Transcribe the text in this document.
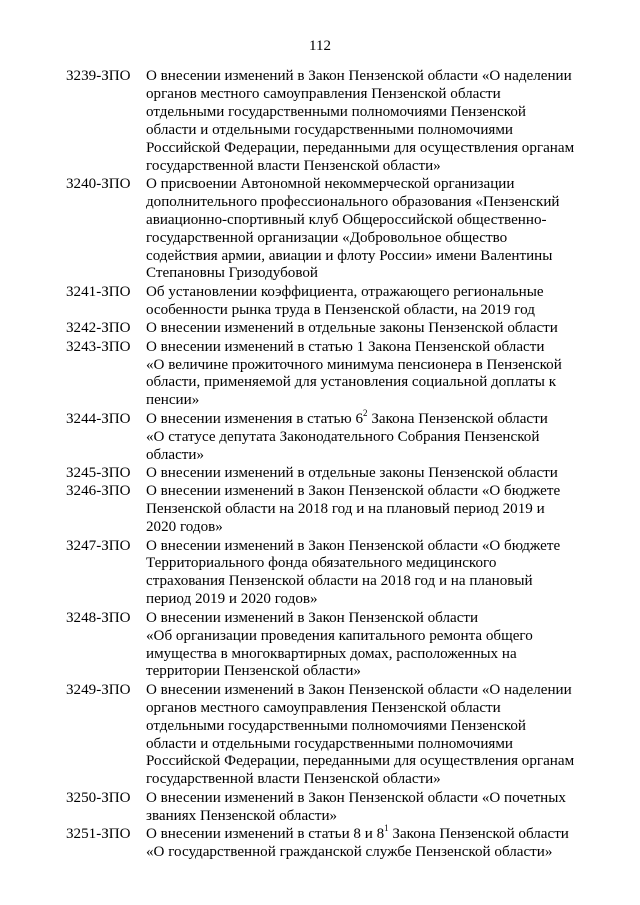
112
3239-ЗПО	О внесении изменений в Закон Пензенской области «О наделении
органов местного самоуправления Пензенской области
отдельными государственными полномочиями Пензенской
области и отдельными государственными полномочиями
Российской Федерации, переданными для осуществления органам
государственной власти Пензенской области»
3240-ЗПО	О присвоении Автономной некоммерческой организации
дополнительного профессионального образования «Пензенский
авиационно-спортивный клуб Общероссийской общественно-
государственной организации «Добровольное общество
содействия армии, авиации и флоту России» имени Валентины
Степановны Гризодубовой
3241-ЗПО	Об установлении коэффициента, отражающего региональные
особенности рынка труда в Пензенской области, на 2019 год
3242-ЗПО	О внесении изменений в отдельные законы Пензенской области
3243-ЗПО	О внесении изменений в статью 1 Закона Пензенской области
«О величине прожиточного минимума пенсионера в Пензенской
области, применяемой для установления социальной доплаты к
пенсии»
3244-ЗПО	О внесении изменения в статью $6^2$ Закона Пензенской области
«О статусе депутата Законодательного Собрания Пензенской
области»
3245-ЗПО	О внесении изменений в отдельные законы Пензенской области
3246-ЗПО	О внесении изменений в Закон Пензенской области «О бюджете
Пензенской области на 2018 год и на плановый период 2019 и
2020 годов»
3247-ЗПО	О внесении изменений в Закон Пензенской области «О бюджете
Территориального фонда обязательного медицинского
страхования Пензенской области на 2018 год и на плановый
период 2019 и 2020 годов»
3248-ЗПО	О внесении изменений в Закон Пензенской области
«Об организации проведения капитального ремонта общего
имущества в многоквартирных домах, расположенных на
территории Пензенской области»
3249-ЗПО	О внесении изменений в Закон Пензенской области «О наделении
органов местного самоуправления Пензенской области
отдельными государственными полномочиями Пензенской
области и отдельными государственными полномочиями
Российской Федерации, переданными для осуществления органам
государственной власти Пензенской области»
3250-ЗПО	О внесении изменений в Закон Пензенской области «О почетных
званиях Пензенской области»
3251-ЗПО	О внесении изменений в статьи 8 и $8^1$ Закона Пензенской области
«О государственной гражданской службе Пензенской области»
